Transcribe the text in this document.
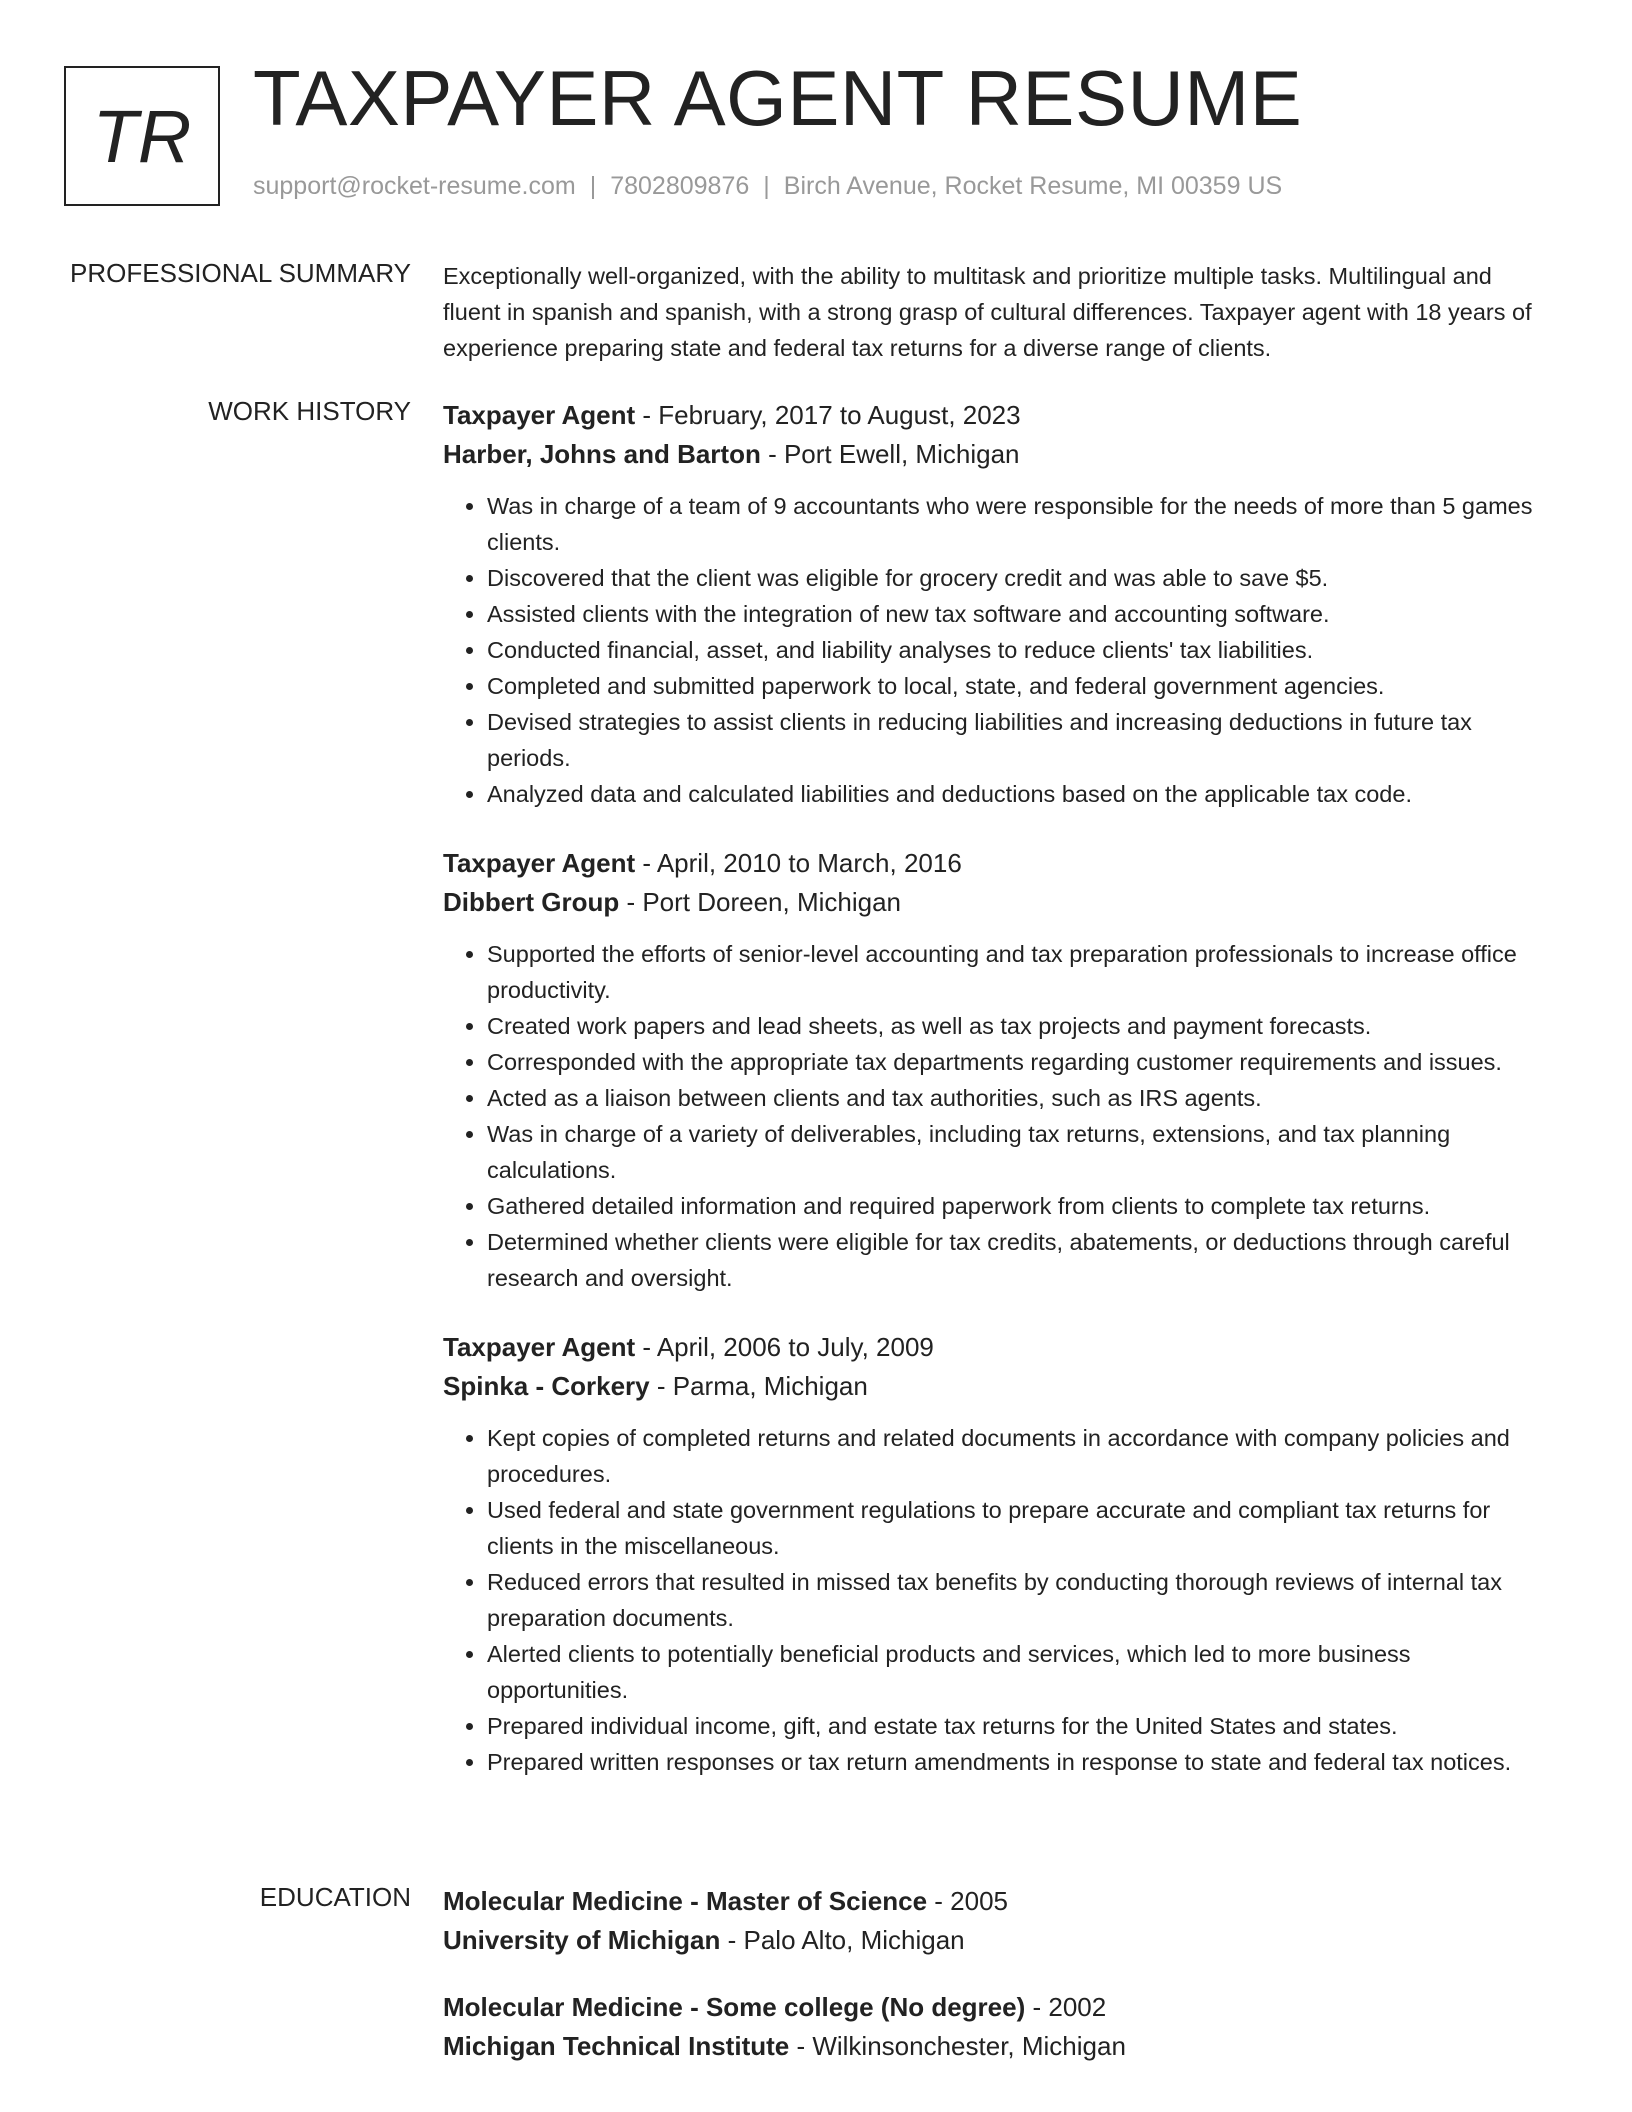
TR TAXPAYER AGENT RESUME
support@rocket-resume.com | 7802809876 | Birch Avenue, Rocket Resume, MI 00359 US
PROFESSIONAL SUMMARY Exceptionally well-organized, with the ability to multitask and prioritize multiple tasks. Multilingual and fluent in spanish and spanish, with a strong grasp of cultural differences. Taxpayer agent with 18 years of experience preparing state and federal tax returns for a diverse range of clients.

WORK HISTORY Taxpayer Agent - February, 2017 to August, 2023
Harber, Johns and Barton - Port Ewell, Michigan
• Was in charge of a team of 9 accountants who were responsible for the needs of more than 5 games clients.
• Discovered that the client was eligible for grocery credit and was able to save $5.
• Assisted clients with the integration of new tax software and accounting software.
• Conducted financial, asset, and liability analyses to reduce clients' tax liabilities.
• Completed and submitted paperwork to local, state, and federal government agencies.
• Devised strategies to assist clients in reducing liabilities and increasing deductions in future tax periods.
• Analyzed data and calculated liabilities and deductions based on the applicable tax code.
Taxpayer Agent - April, 2010 to March, 2016
Dibbert Group - Port Doreen, Michigan
• Supported the efforts of senior-level accounting and tax preparation professionals to increase office productivity.
• Created work papers and lead sheets, as well as tax projects and payment forecasts.
• Corresponded with the appropriate tax departments regarding customer requirements and issues.
• Acted as a liaison between clients and tax authorities, such as IRS agents.
• Was in charge of a variety of deliverables, including tax returns, extensions, and tax planning calculations.
• Gathered detailed information and required paperwork from clients to complete tax returns.
• Determined whether clients were eligible for tax credits, abatements, or deductions through careful research and oversight.
Taxpayer Agent - April, 2006 to July, 2009
Spinka - Corkery - Parma, Michigan
• Kept copies of completed returns and related documents in accordance with company policies and procedures.
• Used federal and state government regulations to prepare accurate and compliant tax returns for clients in the miscellaneous.
• Reduced errors that resulted in missed tax benefits by conducting thorough reviews of internal tax preparation documents.
• Alerted clients to potentially beneficial products and services, which led to more business opportunities.
• Prepared individual income, gift, and estate tax returns for the United States and states.
• Prepared written responses or tax return amendments in response to state and federal tax notices.
EDUCATION Molecular Medicine - Master of Science - 2005
University of Michigan - Palo Alto, Michigan
Molecular Medicine - Some college (No degree) - 2002
Michigan Technical Institute - Wilkinsonchester, Michigan
